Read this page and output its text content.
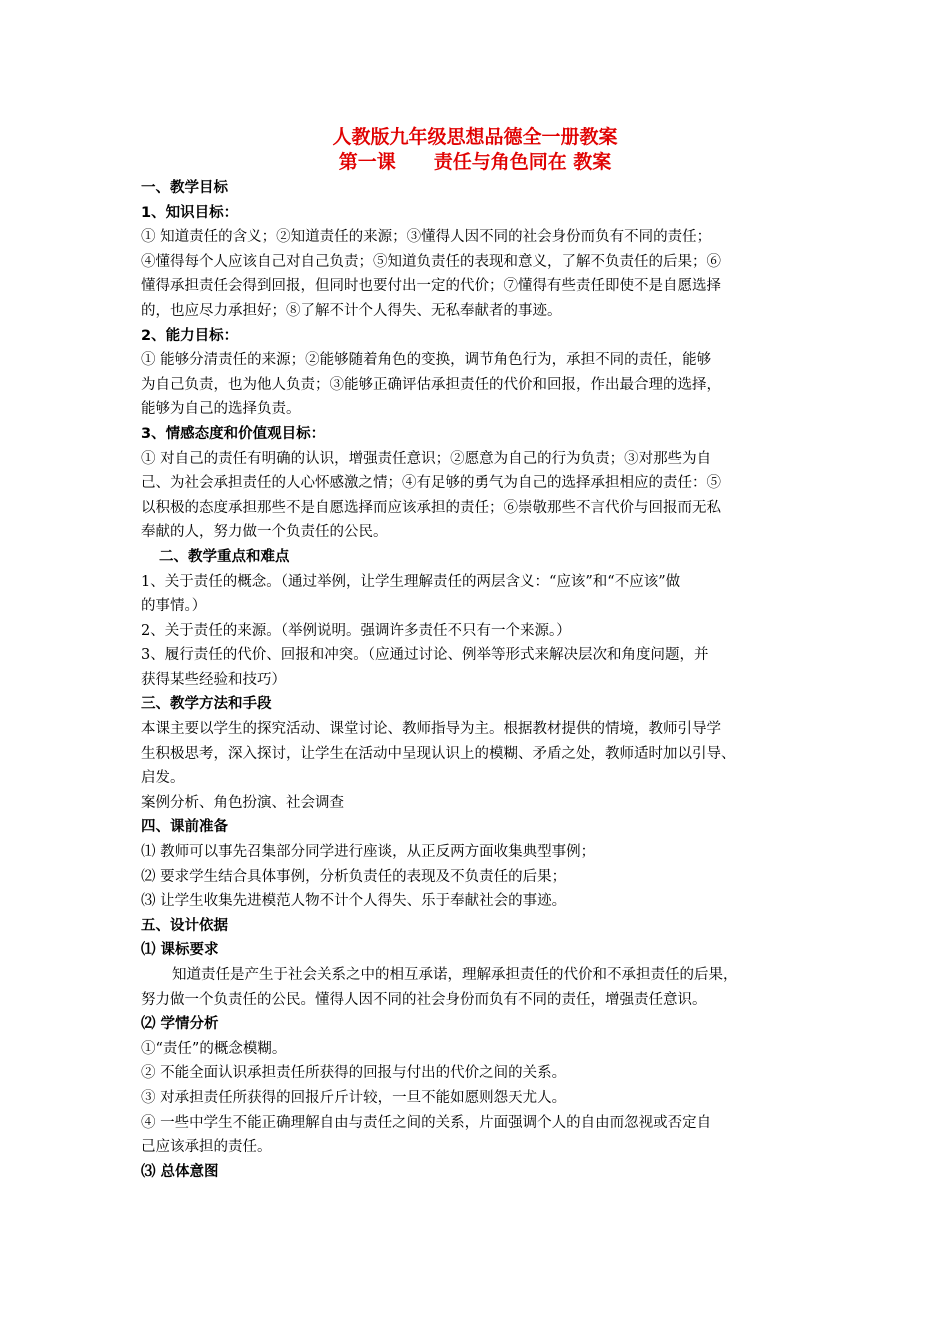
人教版九年级思想品德全一册教案
第一课　　责任与角色同在 教案

一、教学目标

1、知识目标：

① 知道责任的含义；②知道责任的来源；③懂得人因不同的社会身份而负有不同的责任；

④懂得每个人应该自己对自己负责；⑤知道负责任的表现和意义，了解不负责任的后果；⑥

懂得承担责任会得到回报，但同时也要付出一定的代价；⑦懂得有些责任即使不是自愿选择

的，也应尽力承担好；⑧了解不计个人得失、无私奉献者的事迹。

2、能力目标：

① 能够分清责任的来源；②能够随着角色的变换，调节角色行为，承担不同的责任，能够

为自己负责，也为他人负责；③能够正确评估承担责任的代价和回报，作出最合理的选择，

能够为自己的选择负责。

3、情感态度和价值观目标：

① 对自己的责任有明确的认识，增强责任意识；②愿意为自己的行为负责；③对那些为自

己、为社会承担责任的人心怀感激之情；④有足够的勇气为自己的选择承担相应的责任：⑤

以积极的态度承担那些不是自愿选择而应该承担的责任；⑥崇敬那些不言代价与回报而无私

奉献的人，努力做一个负责任的公民。

二、教学重点和难点

1、关于责任的概念。（通过举例，让学生理解责任的两层含义：“应该”和“不应该”做

的事情。）

2、关于责任的来源。（举例说明。强调许多责任不只有一个来源。）

3、履行责任的代价、回报和冲突。（应通过讨论、例举等形式来解决层次和角度问题，并

获得某些经验和技巧）

三、教学方法和手段

本课主要以学生的探究活动、课堂讨论、教师指导为主。根据教材提供的情境，教师引导学

生积极思考，深入探讨，让学生在活动中呈现认识上的模糊、矛盾之处，教师适时加以引导、

启发。

案例分析、角色扮演、社会调查

四、课前准备

⑴ 教师可以事先召集部分同学进行座谈，从正反两方面收集典型事例；

⑵ 要求学生结合具体事例，分析负责任的表现及不负责任的后果；

⑶ 让学生收集先进模范人物不计个人得失、乐于奉献社会的事迹。

五、设计依据

⑴ 课标要求

知道责任是产生于社会关系之中的相互承诺，理解承担责任的代价和不承担责任的后果，

努力做一个负责任的公民。懂得人因不同的社会身份而负有不同的责任，增强责任意识。

⑵ 学情分析

①“责任”的概念模糊。

② 不能全面认识承担责任所获得的回报与付出的代价之间的关系。

③ 对承担责任所获得的回报斤斤计较，一旦不能如愿则怨天尤人。

④ 一些中学生不能正确理解自由与责任之间的关系，片面强调个人的自由而忽视或否定自

己应该承担的责任。

⑶ 总体意图
